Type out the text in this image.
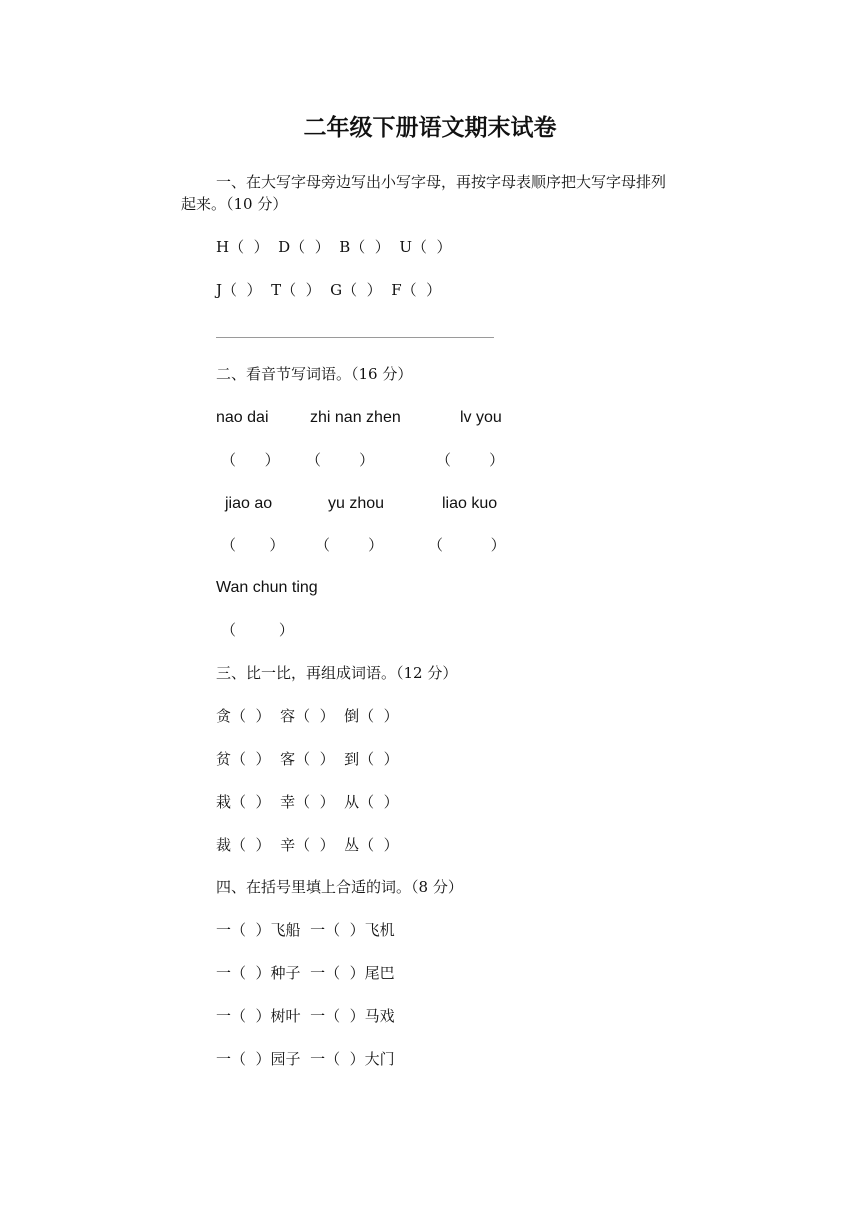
二年级下册语文期末试卷
一、在大写字母旁边写出小写字母，再按字母表顺序把大写字母排列
起来。（10 分）
H（  ）  D（  ）  B（  ）  U（  ）
J（  ）  T（  ）  G（  ）  F（  ）
二、看音节写词语。（16 分）
nao dai	zhi nan zhen	lv you
（      ） （        ）	（        ）
jiao ao	yu zhou	liao kuo
（       ） （        ）	（          ）
Wan chun ting
（         ）
三、比一比，再组成词语。（12 分）
贪（  ）  容（  ）  倒（  ）
贫（  ）  客（  ）  到（  ）
栽（  ）  幸（  ）  从（  ）
裁（  ）  辛（  ）  丛（  ）
四、在括号里填上合适的词。（8 分）
一（  ）飞船  一（  ）飞机
一（  ）种子  一（  ）尾巴
一（  ）树叶  一（  ）马戏
一（  ）园子  一（  ）大门
